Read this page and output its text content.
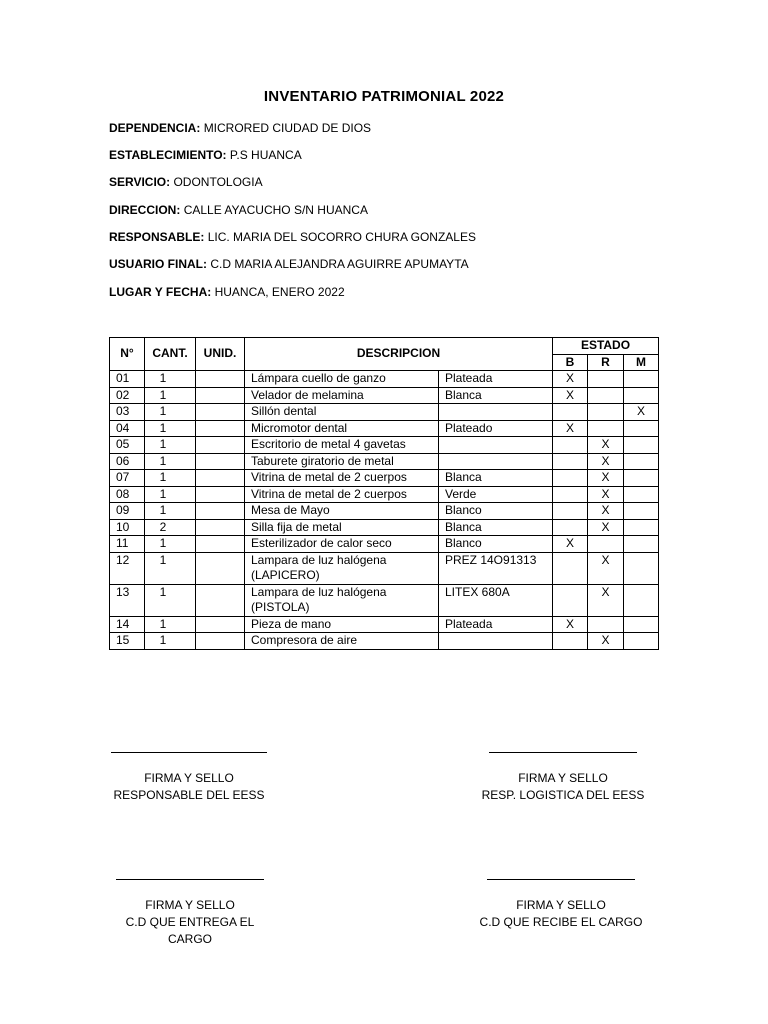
INVENTARIO PATRIMONIAL 2022
DEPENDENCIA: MICRORED CIUDAD DE DIOS
ESTABLECIMIENTO: P.S HUANCA
SERVICIO: ODONTOLOGIA
DIRECCION: CALLE AYACUCHO S/N HUANCA
RESPONSABLE: LIC. MARIA DEL SOCORRO CHURA GONZALES
USUARIO FINAL: C.D MARIA ALEJANDRA AGUIRRE APUMAYTA
LUGAR Y FECHA: HUANCA, ENERO 2022
N°	CANT.	UNID.	DESCRIPCION		ESTADO		
					B	R	M
01	1		Lámpara cuello de ganzo	Plateada	X		
02	1		Velador de melamina	Blanca	X		
03	1		Sillón dental				X
04	1		Micromotor dental	Plateado	X		
05	1		Escritorio de metal 4 gavetas			X	
06	1		Taburete giratorio de metal			X	
07	1		Vitrina de metal de 2 cuerpos	Blanca		X	
08	1		Vitrina de metal de 2 cuerpos	Verde		X	
09	1		Mesa de Mayo	Blanco		X	
10	2		Silla fija de metal	Blanca		X	
11	1		Esterilizador de calor seco	Blanco	X		
12	1		Lampara de luz halógena
(LAPICERO)	PREZ 14O91313		X	
13	1		Lampara de luz halógena
(PISTOLA)	LITEX 680A		X	
14	1		Pieza de mano	Plateada	X		
15	1		Compresora de aire			X	
FIRMA Y SELLO
RESPONSABLE DEL EESS
FIRMA Y SELLO
RESP. LOGISTICA DEL EESS
FIRMA Y SELLO
C.D QUE ENTREGA EL CARGO
FIRMA Y SELLO
C.D QUE RECIBE EL CARGO
